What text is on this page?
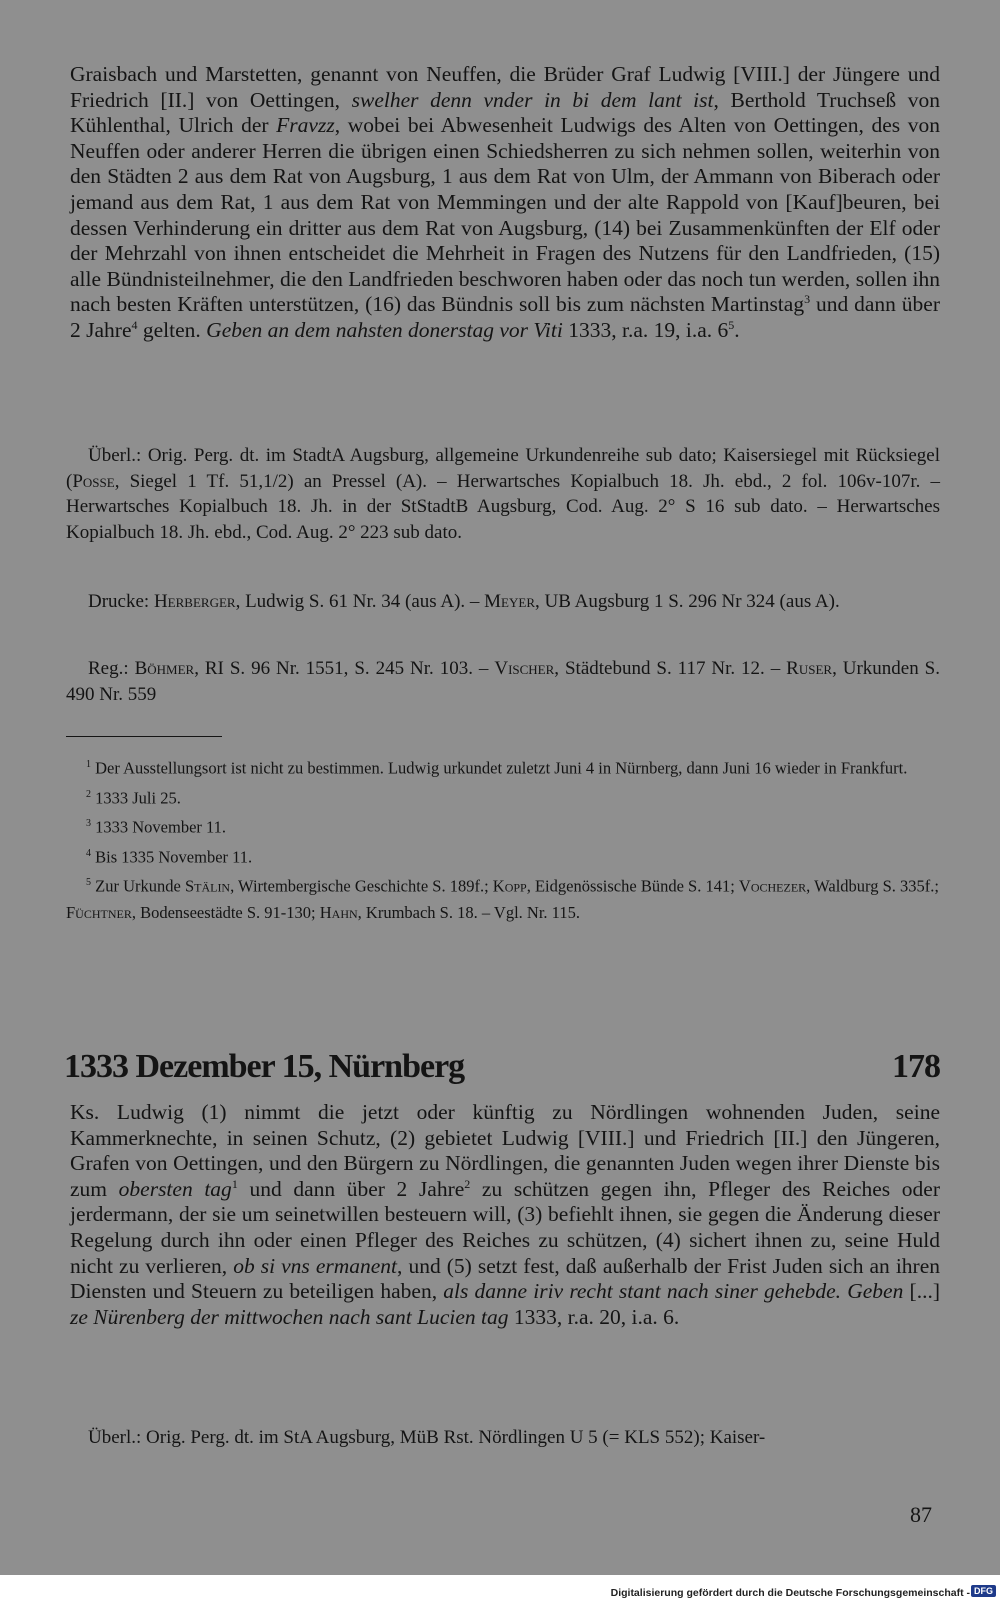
Graisbach und Marstetten, genannt von Neuffen, die Brüder Graf Ludwig [VIII.] der Jüngere und Friedrich [II.] von Oettingen, swelher denn vnder in bi dem lant ist, Berthold Truchseß von Kühlenthal, Ulrich der Fravzz, wobei bei Abwesenheit Ludwigs des Alten von Oettingen, des von Neuffen oder anderer Herren die übrigen einen Schiedsherren zu sich nehmen sollen, weiterhin von den Städten 2 aus dem Rat von Augsburg, 1 aus dem Rat von Ulm, der Ammann von Biberach oder jemand aus dem Rat, 1 aus dem Rat von Memmingen und der alte Rappold von [Kauf]beuren, bei dessen Verhinderung ein dritter aus dem Rat von Augsburg, (14) bei Zusammenkünften der Elf oder der Mehrzahl von ihnen entscheidet die Mehrheit in Fragen des Nutzens für den Landfrieden, (15) alle Bündnisteilnehmer, die den Landfrieden beschworen haben oder das noch tun werden, sollen ihn nach besten Kräften unterstützen, (16) das Bündnis soll bis zum nächsten Martinstag$^3$ und dann über 2 Jahre$^4$ gelten. Geben an dem nahsten donerstag vor Viti 1333, r.a. 19, i.a. 6$^5$.

Überl.: Orig. Perg. dt. im StadtA Augsburg, allgemeine Urkundenreihe sub dato; Kaisersiegel mit Rücksiegel (Posse, Siegel 1 Tf. 51,1/2) an Pressel (A). – Herwartsches Kopialbuch 18. Jh. ebd., 2 fol. 106v-107r. – Herwartsches Kopialbuch 18. Jh. in der StStadtB Augsburg, Cod. Aug. 2° S 16 sub dato. – Herwartsches Kopialbuch 18. Jh. ebd., Cod. Aug. 2° 223 sub dato.

Drucke: Herberger, Ludwig S. 61 Nr. 34 (aus A). – Meyer, UB Augsburg 1 S. 296 Nr 324 (aus A).

Reg.: Böhmer, RI S. 96 Nr. 1551, S. 245 Nr. 103. – Vischer, Städtebund S. 117 Nr. 12. – Ruser, Urkunden S. 490 Nr. 559

$^1$ Der Ausstellungsort ist nicht zu bestimmen. Ludwig urkundet zuletzt Juni 4 in Nürnberg, dann Juni 16 wieder in Frankfurt.
$^2$ 1333 Juli 25.
$^3$ 1333 November 11.
$^4$ Bis 1335 November 11.
$^5$ Zur Urkunde Stälin, Wirtembergische Geschichte S. 189f.; Kopp, Eidgenössische Bünde S. 141; Vochezer, Waldburg S. 335f.; Füchtner, Bodenseestädte S. 91-130; Hahn, Krumbach S. 18. – Vgl. Nr. 115.
1333 Dezember 15, Nürnberg	178

Ks. Ludwig (1) nimmt die jetzt oder künftig zu Nördlingen wohnenden Juden, seine Kammerknechte, in seinen Schutz, (2) gebietet Ludwig [VIII.] und Friedrich [II.] den Jüngeren, Grafen von Oettingen, und den Bürgern zu Nördlingen, die genannten Juden wegen ihrer Dienste bis zum obersten tag$^1$ und dann über 2 Jahre$^2$ zu schützen gegen ihn, Pfleger des Reiches oder jerdermann, der sie um seinetwillen besteuern will, (3) befiehlt ihnen, sie gegen die Änderung dieser Regelung durch ihn oder einen Pfleger des Reiches zu schützen, (4) sichert ihnen zu, seine Huld nicht zu verlieren, ob si vns ermanent, und (5) setzt fest, daß außerhalb der Frist Juden sich an ihren Diensten und Steuern zu beteiligen haben, als danne iriv recht stant nach siner gehebde. Geben [...] ze Nürenberg der mittwochen nach sant Lucien tag 1333, r.a. 20, i.a. 6.

Überl.: Orig. Perg. dt. im StA Augsburg, MüB Rst. Nördlingen U 5 (= KLS 552); Kaiser-

87
Digitalisierung gefördert durch die Deutsche Forschungsgemeinschaft - DFG
